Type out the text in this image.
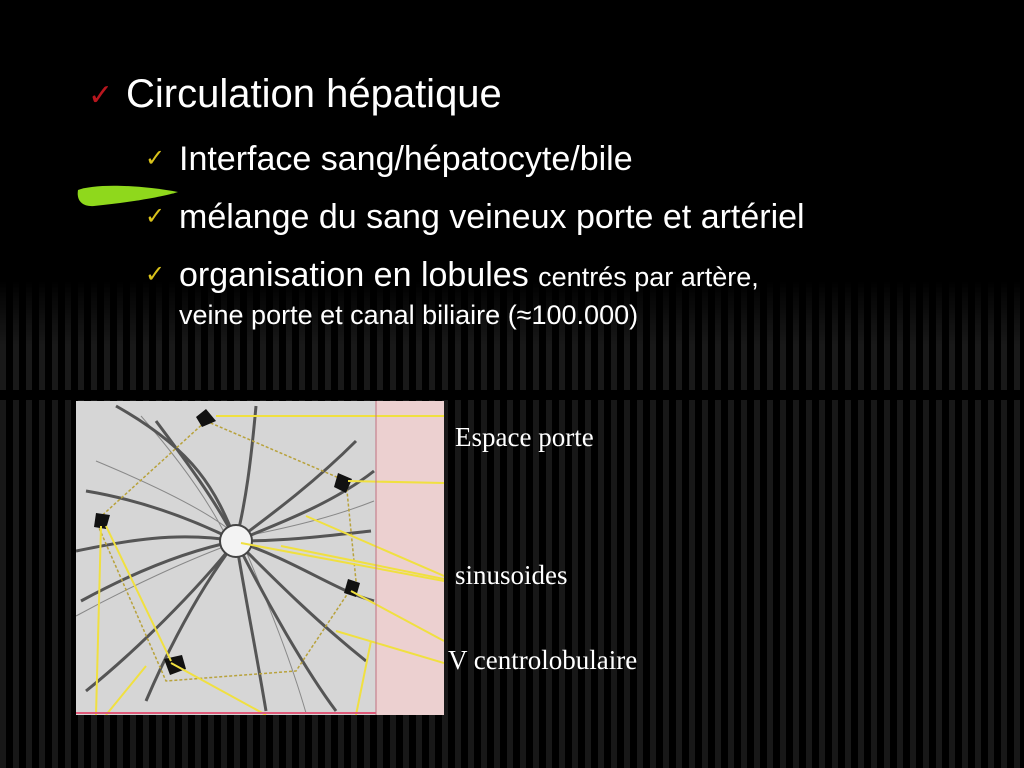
✓ Circulation hépatique
✓ Interface sang/hépatocyte/bile
✓ mélange du sang veineux porte et artériel
✓ organisation en lobules centrés par artère,
veine porte et canal biliaire (≈100.000)
Espace porte
sinusoides
V centrolobulaire
